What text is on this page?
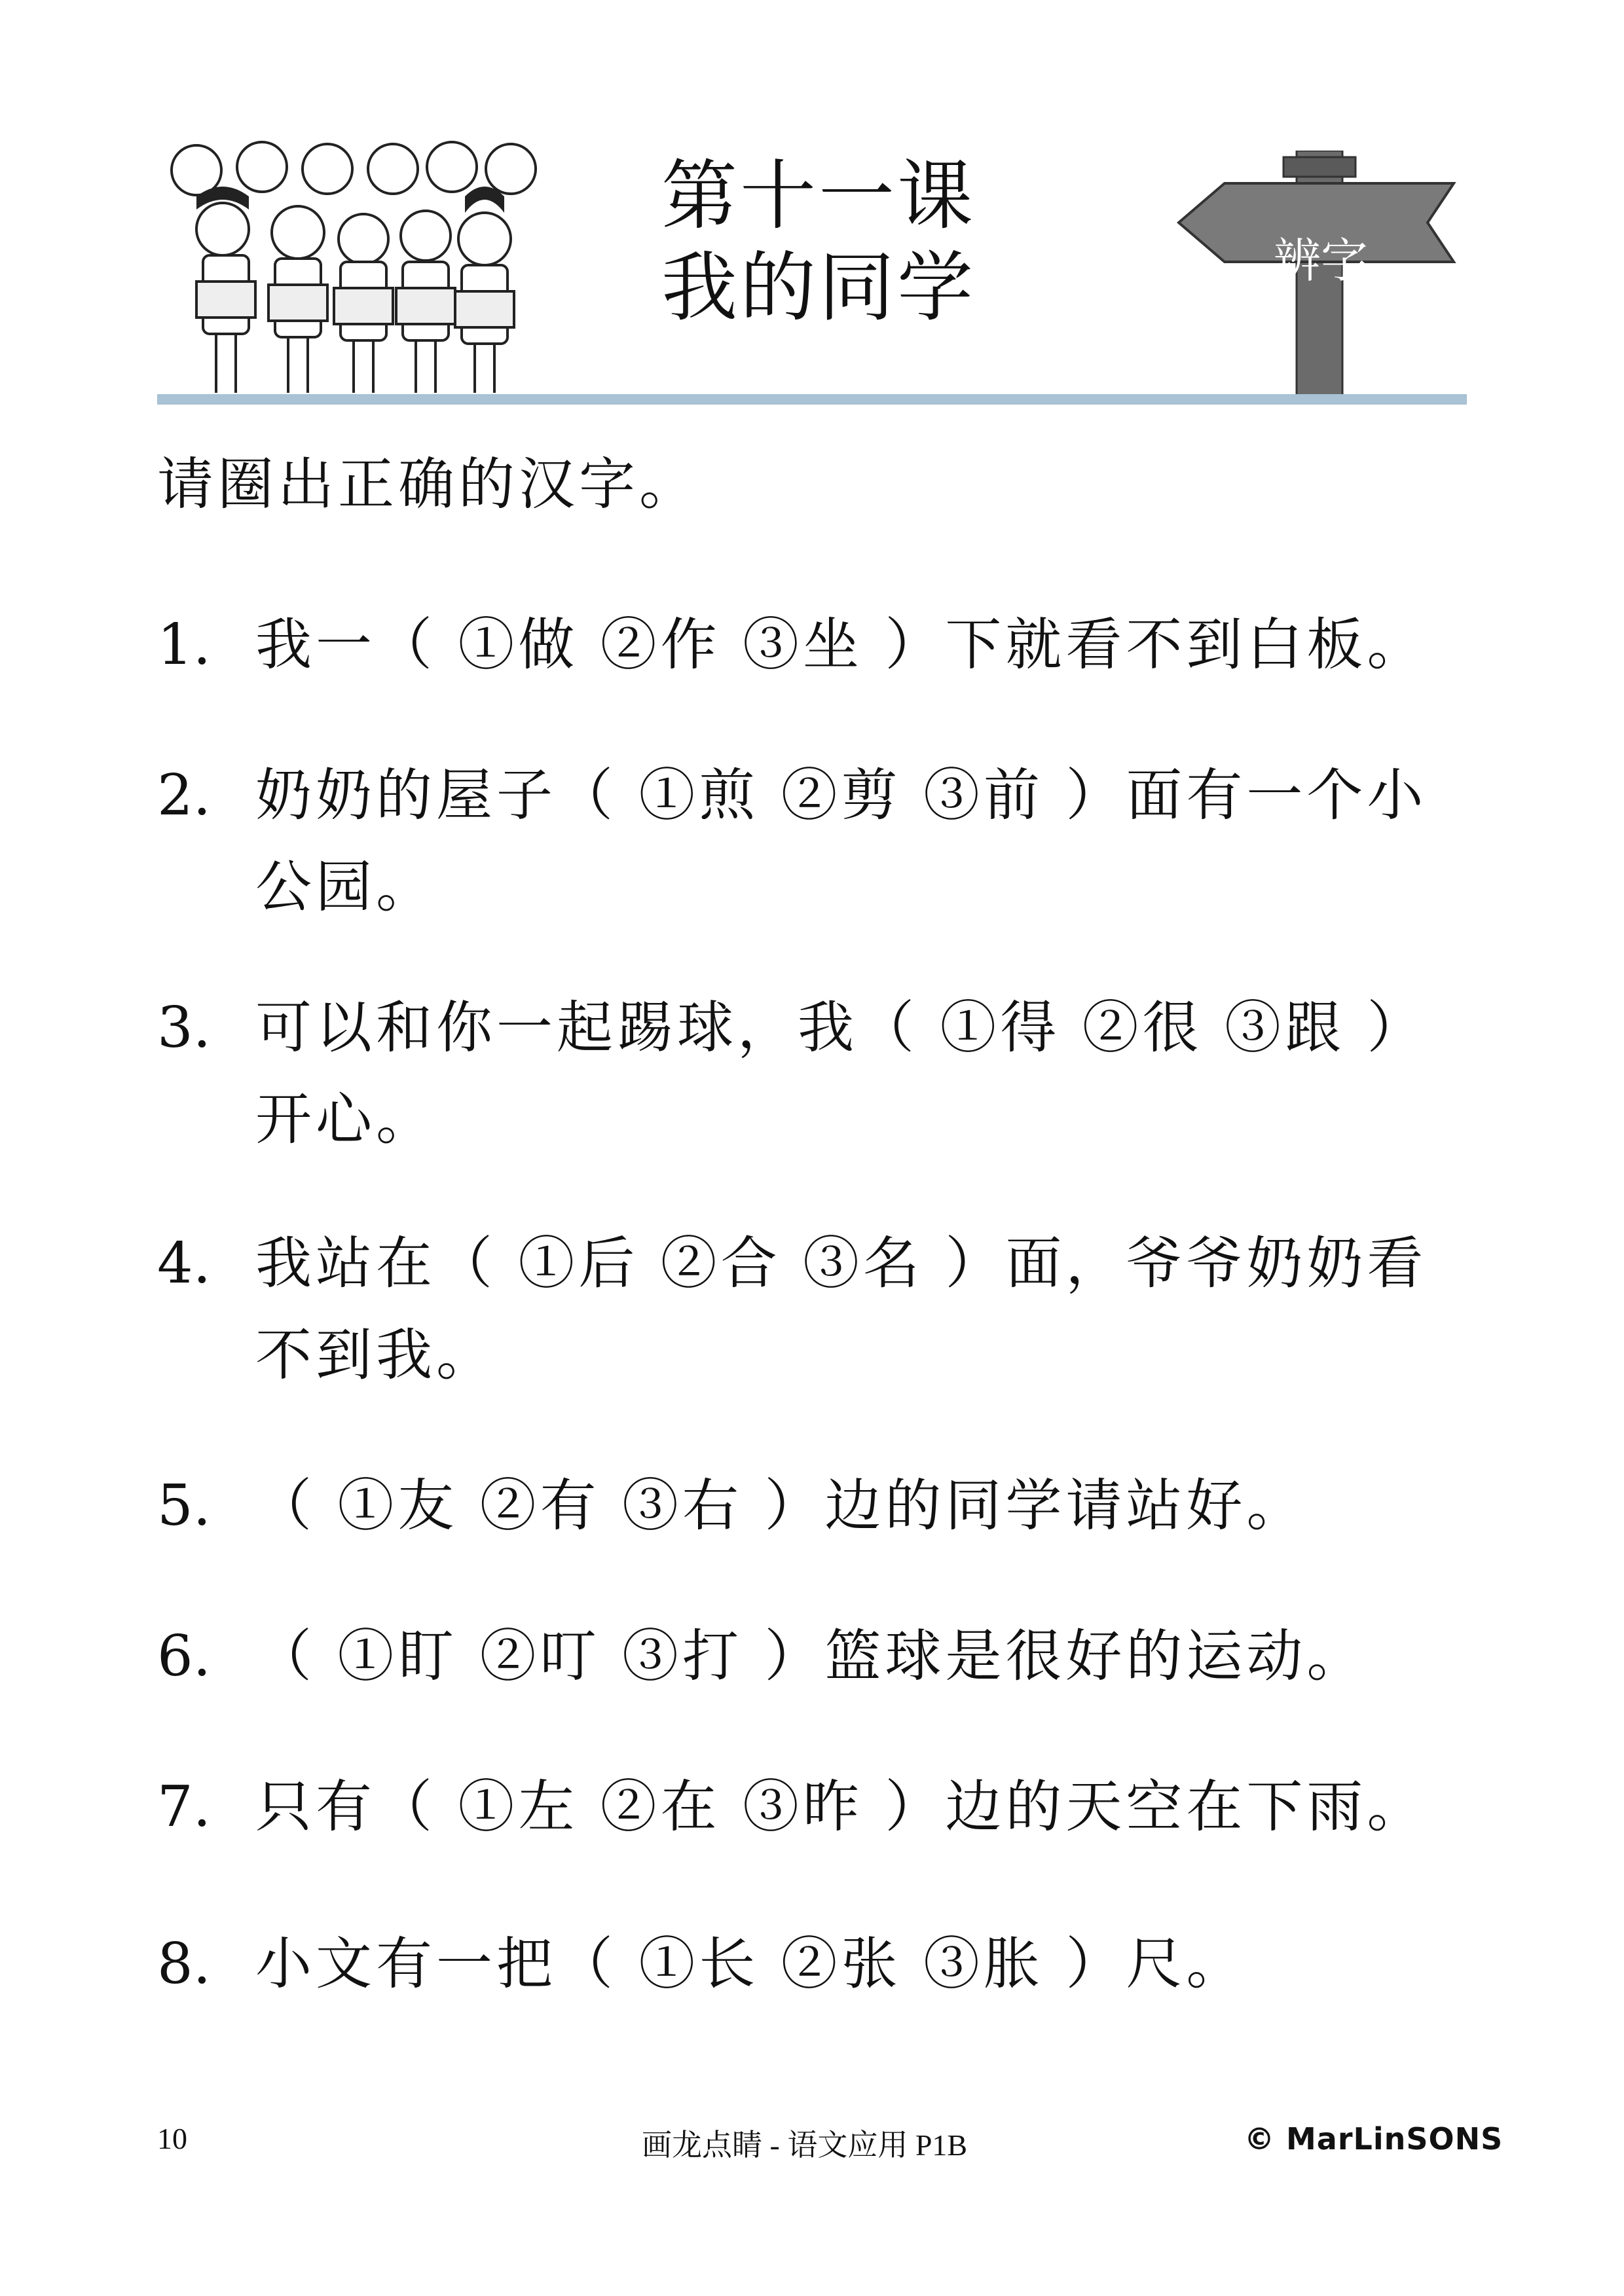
第十一课
我的同学	辨字
请圈出正确的汉字。
1. 我一（ ①做 ②作 ③坐 ）下就看不到白板。
2. 奶奶的屋子（ ①煎 ②剪 ③前 ）面有一个小
公园。
3. 可以和你一起踢球，我（ ①得 ②很 ③跟 ）
开心。
4. 我站在（ ①后 ②合 ③名 ）面，爷爷奶奶看
不到我。
5. （ ①友 ②有 ③右 ）边的同学请站好。
6. （ ①盯 ②叮 ③打 ）篮球是很好的运动。
7. 只有（ ①左 ②在 ③昨 ）边的天空在下雨。
8. 小文有一把（ ①长 ②张 ③胀 ）尺。
10	画龙点睛 - 语文应用 P1B	© MarLinSONS
